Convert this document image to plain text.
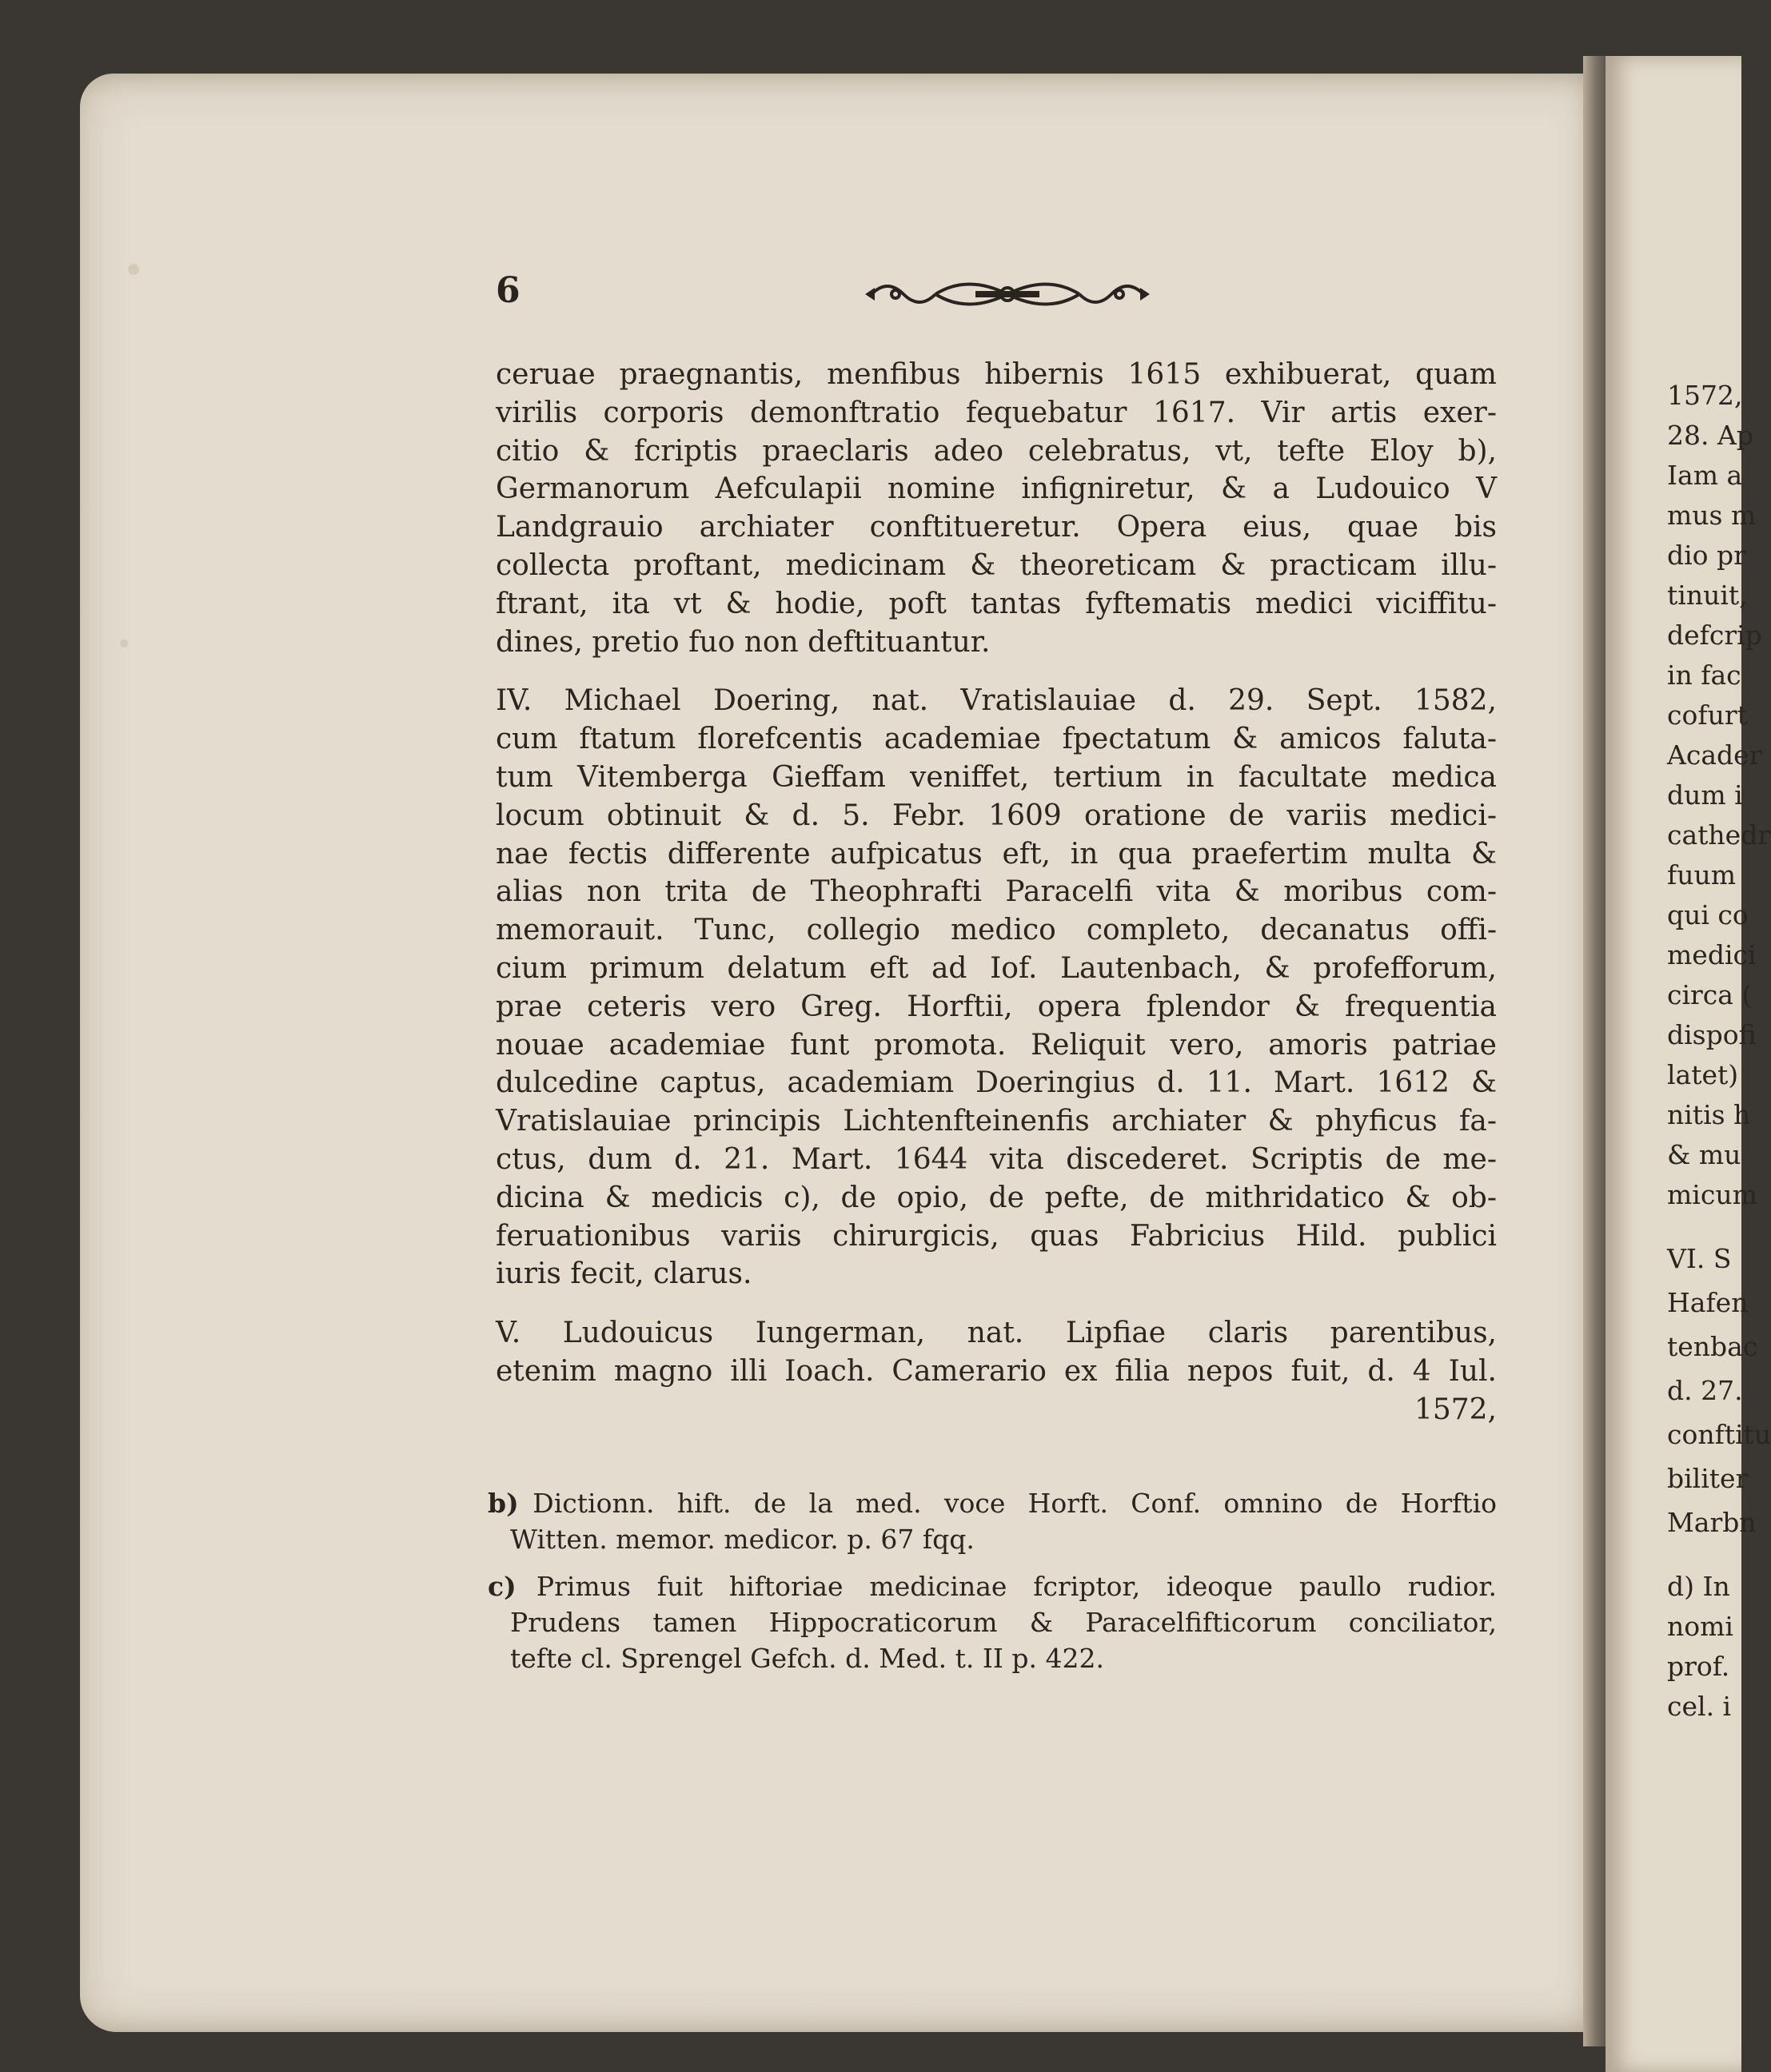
6
ceruae praegnantis, menfibus hibernis 1615 exhibuerat, quam
virilis corporis demonftratio fequebatur 1617. Vir artis exer-
citio & fcriptis praeclaris adeo celebratus, vt, tefte Eloy b),
Germanorum Aefculapii nomine infigniretur, & a Ludouico V
Landgrauio archiater conftitueretur. Opera eius, quae bis
collecta proftant, medicinam & theoreticam & practicam illu-
ftrant, ita vt & hodie, poft tantas fyftematis medici viciffitu-
dines, pretio fuo non deftituantur.
IV. Michael Doering, nat. Vratislauiae d. 29. Sept. 1582,
cum ftatum florefcentis academiae fpectatum & amicos faluta-
tum Vitemberga Gieffam veniffet, tertium in facultate medica
locum obtinuit & d. 5. Febr. 1609 oratione de variis medici-
nae fectis differente aufpicatus eft, in qua praefertim multa &
alias non trita de Theophrafti Paracelfi vita & moribus com-
memorauit. Tunc, collegio medico completo, decanatus offi-
cium primum delatum eft ad Iof. Lautenbach, & profefforum,
prae ceteris vero Greg. Horftii, opera fplendor & frequentia
nouae academiae funt promota. Reliquit vero, amoris patriae
dulcedine captus, academiam Doeringius d. 11. Mart. 1612 &
Vratislauiae principis Lichtenfteinenfis archiater & phyficus fa-
ctus, dum d. 21. Mart. 1644 vita discederet. Scriptis de me-
dicina & medicis c), de opio, de pefte, de mithridatico & ob-
feruationibus variis chirurgicis, quas Fabricius Hild. publici
iuris fecit, clarus.
V. Ludouicus Iungerman, nat. Lipfiae claris parentibus,
etenim magno illi Ioach. Camerario ex filia nepos fuit, d. 4 Iul.
1572,
b) Dictionn. hift. de la med. voce Horft. Conf. omnino de Horftio
Witten. memor. medicor. p. 67 fqq.
c) Primus fuit hiftoriae medicinae fcriptor, ideoque paullo rudior.
Prudens tamen Hippocraticorum & Paracelfifticorum conciliator,
tefte cl. Sprengel Gefch. d. Med. t. II p. 422.
1572,
28. Ap
Iam a
mus m
dio pr
tinuit,
defcrip
in fac
cofurt
Acader
dum i
cathedr
fuum
qui co
medici
circa (
dispofi
latet)
nitis h
& mu
micum
VI. S
Hafen
tenbac
d. 27.
conftitu
biliter
Marbn
d) In
nomi
prof.
cel. i
